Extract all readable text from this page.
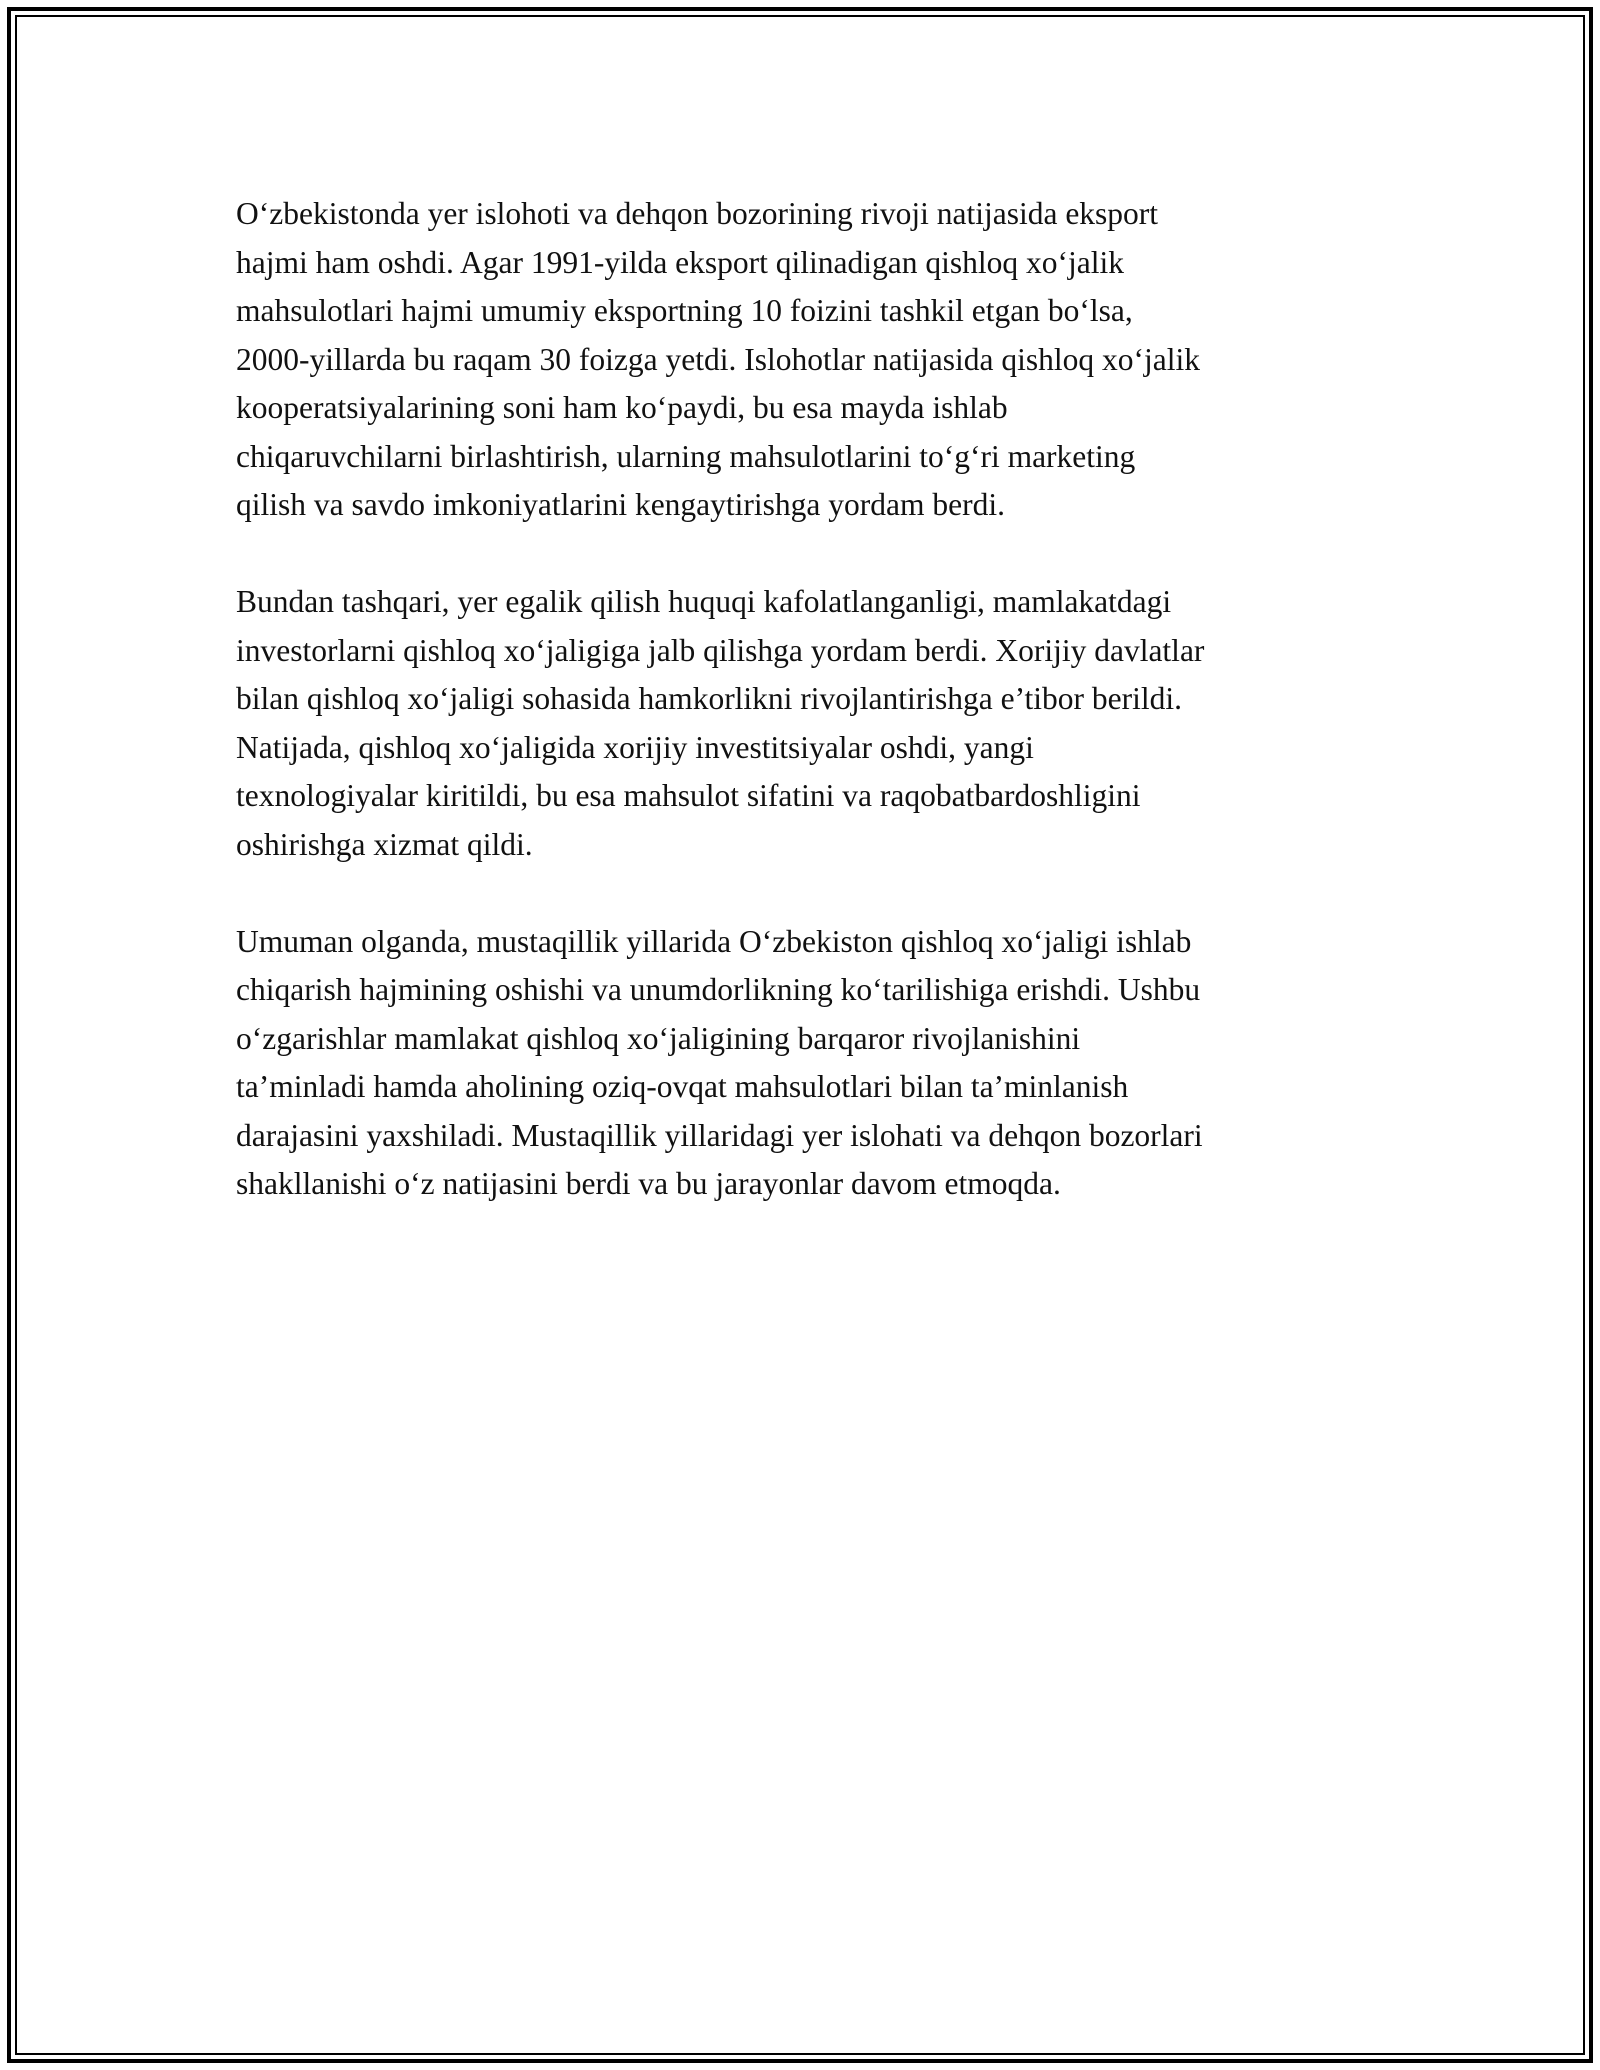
O‘zbekistonda yer islohoti va dehqon bozorining rivoji natijasida eksport
hajmi ham oshdi. Agar 1991-yilda eksport qilinadigan qishloq xo‘jalik
mahsulotlari hajmi umumiy eksportning 10 foizini tashkil etgan bo‘lsa,
2000-yillarda bu raqam 30 foizga yetdi. Islohotlar natijasida qishloq xo‘jalik
kooperatsiyalarining soni ham ko‘paydi, bu esa mayda ishlab
chiqaruvchilarni birlashtirish, ularning mahsulotlarini to‘g‘ri marketing
qilish va savdo imkoniyatlarini kengaytirishga yordam berdi.

Bundan tashqari, yer egalik qilish huquqi kafolatlanganligi, mamlakatdagi
investorlarni qishloq xo‘jaligiga jalb qilishga yordam berdi. Xorijiy davlatlar
bilan qishloq xo‘jaligi sohasida hamkorlikni rivojlantirishga e’tibor berildi.
Natijada, qishloq xo‘jaligida xorijiy investitsiyalar oshdi, yangi
texnologiyalar kiritildi, bu esa mahsulot sifatini va raqobatbardoshligini
oshirishga xizmat qildi.

Umuman olganda, mustaqillik yillarida O‘zbekiston qishloq xo‘jaligi ishlab
chiqarish hajmining oshishi va unumdorlikning ko‘tarilishiga erishdi. Ushbu
o‘zgarishlar mamlakat qishloq xo‘jaligining barqaror rivojlanishini
ta’minladi hamda aholining oziq-ovqat mahsulotlari bilan ta’minlanish
darajasini yaxshiladi. Mustaqillik yillaridagi yer islohati va dehqon bozorlari
shakllanishi o‘z natijasini berdi va bu jarayonlar davom etmoqda.
